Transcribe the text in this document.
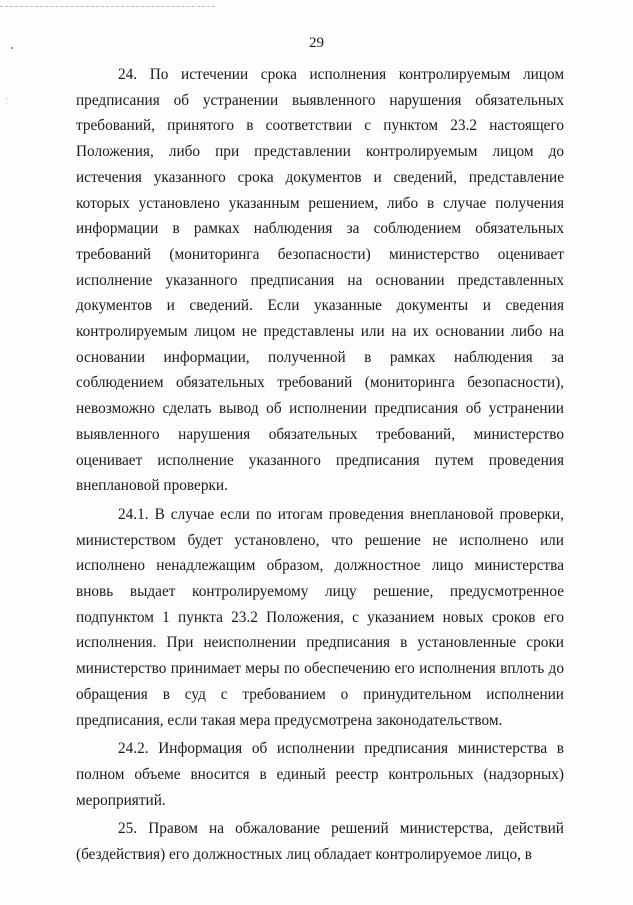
29

24. По истечении срока исполнения контролируемым лицом предписания об устранении выявленного нарушения обязательных требований, принятого в соответствии с пунктом 23.2 настоящего Положения, либо при представлении контролируемым лицом до истечения указанного срока документов и сведений, представление которых установлено указанным решением, либо в случае получения информации в рамках наблюдения за соблюдением обязательных требований (мониторинга безопасности) министерство оценивает исполнение указанного предписания на основании представленных документов и сведений. Если указанные документы и сведения контролируемым лицом не представлены или на их основании либо на основании информации, полученной в рамках наблюдения за соблюдением обязательных требований (мониторинга безопасности), невозможно сделать вывод об исполнении предписания об устранении выявленного нарушения обязательных требований, министерство оценивает исполнение указанного предписания путем проведения внеплановой проверки.

24.1. В случае если по итогам проведения внеплановой проверки, министерством будет установлено, что решение не исполнено или исполнено ненадлежащим образом, должностное лицо министерства вновь выдает контролируемому лицу решение, предусмотренное подпунктом 1 пункта 23.2 Положения, с указанием новых сроков его исполнения. При неисполнении предписания в установленные сроки министерство принимает меры по обеспечению его исполнения вплоть до обращения в суд с требованием о принудительном исполнении предписания, если такая мера предусмотрена законодательством.

24.2. Информация об исполнении предписания министерства в полном объеме вносится в единый реестр контрольных (надзорных) мероприятий.

25. Правом на обжалование решений министерства, действий (бездействия) его должностных лиц обладает контролируемое лицо, в
